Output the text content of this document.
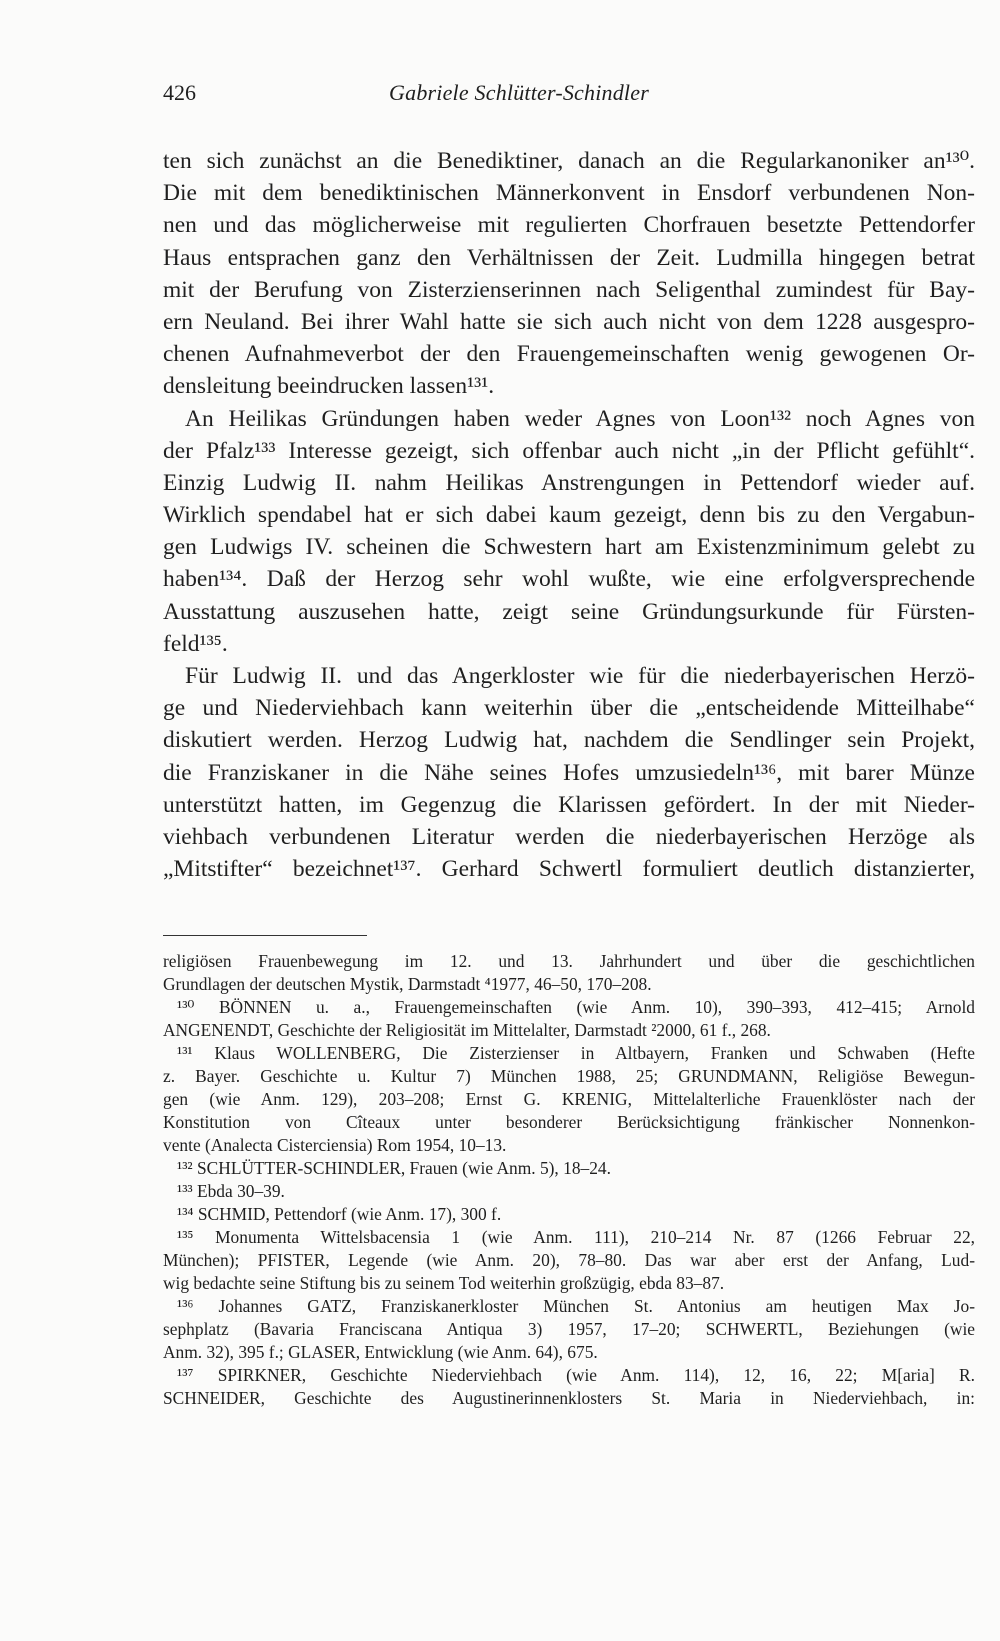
426	Gabriele Schlütter-Schindler
ten sich zunächst an die Benediktiner, danach an die Regularkanoniker an¹³⁰.
Die mit dem benediktinischen Männerkonvent in Ensdorf verbundenen Non-
nen und das möglicherweise mit regulierten Chorfrauen besetzte Pettendorfer
Haus entsprachen ganz den Verhältnissen der Zeit. Ludmilla hingegen betrat
mit der Berufung von Zisterzienserinnen nach Seligenthal zumindest für Bay-
ern Neuland. Bei ihrer Wahl hatte sie sich auch nicht von dem 1228 ausgespro-
chenen Aufnahmeverbot der den Frauengemeinschaften wenig gewogenen Or-
densleitung beeindrucken lassen¹³¹.
An Heilikas Gründungen haben weder Agnes von Loon¹³² noch Agnes von
der Pfalz¹³³ Interesse gezeigt, sich offenbar auch nicht „in der Pflicht gefühlt“.
Einzig Ludwig II. nahm Heilikas Anstrengungen in Pettendorf wieder auf.
Wirklich spendabel hat er sich dabei kaum gezeigt, denn bis zu den Vergabun-
gen Ludwigs IV. scheinen die Schwestern hart am Existenzminimum gelebt zu
haben¹³⁴. Daß der Herzog sehr wohl wußte, wie eine erfolgversprechende
Ausstattung auszusehen hatte, zeigt seine Gründungsurkunde für Fürsten-
feld¹³⁵.
Für Ludwig II. und das Angerkloster wie für die niederbayerischen Herzö-
ge und Niederviehbach kann weiterhin über die „entscheidende Mitteilhabe“
diskutiert werden. Herzog Ludwig hat, nachdem die Sendlinger sein Projekt,
die Franziskaner in die Nähe seines Hofes umzusiedeln¹³⁶, mit barer Münze
unterstützt hatten, im Gegenzug die Klarissen gefördert. In der mit Nieder-
viehbach verbundenen Literatur werden die niederbayerischen Herzöge als
„Mitstifter“ bezeichnet¹³⁷. Gerhard Schwertl formuliert deutlich distanzierter,
religiösen Frauenbewegung im 12. und 13. Jahrhundert und über die geschichtlichen
Grundlagen der deutschen Mystik, Darmstadt ⁴1977, 46–50, 170–208.
¹³⁰ BÖNNEN u. a., Frauengemeinschaften (wie Anm. 10), 390–393, 412–415; Arnold
ANGENENDT, Geschichte der Religiosität im Mittelalter, Darmstadt ²2000, 61 f., 268.
¹³¹ Klaus WOLLENBERG, Die Zisterzienser in Altbayern, Franken und Schwaben (Hefte
z. Bayer. Geschichte u. Kultur 7) München 1988, 25; GRUNDMANN, Religiöse Bewegun-
gen (wie Anm. 129), 203–208; Ernst G. KRENIG, Mittelalterliche Frauenklöster nach der
Konstitution von Cîteaux unter besonderer Berücksichtigung fränkischer Nonnenkon-
vente (Analecta Cisterciensia) Rom 1954, 10–13.
¹³² SCHLÜTTER-SCHINDLER, Frauen (wie Anm. 5), 18–24.
¹³³ Ebda 30–39.
¹³⁴ SCHMID, Pettendorf (wie Anm. 17), 300 f.
¹³⁵ Monumenta Wittelsbacensia 1 (wie Anm. 111), 210–214 Nr. 87 (1266 Februar 22,
München); PFISTER, Legende (wie Anm. 20), 78–80. Das war aber erst der Anfang, Lud-
wig bedachte seine Stiftung bis zu seinem Tod weiterhin großzügig, ebda 83–87.
¹³⁶ Johannes GATZ, Franziskanerkloster München St. Antonius am heutigen Max Jo-
sephplatz (Bavaria Franciscana Antiqua 3) 1957, 17–20; SCHWERTL, Beziehungen (wie
Anm. 32), 395 f.; GLASER, Entwicklung (wie Anm. 64), 675.
¹³⁷ SPIRKNER, Geschichte Niederviehbach (wie Anm. 114), 12, 16, 22; M[aria] R.
SCHNEIDER, Geschichte des Augustinerinnenklosters St. Maria in Niederviehbach, in:
